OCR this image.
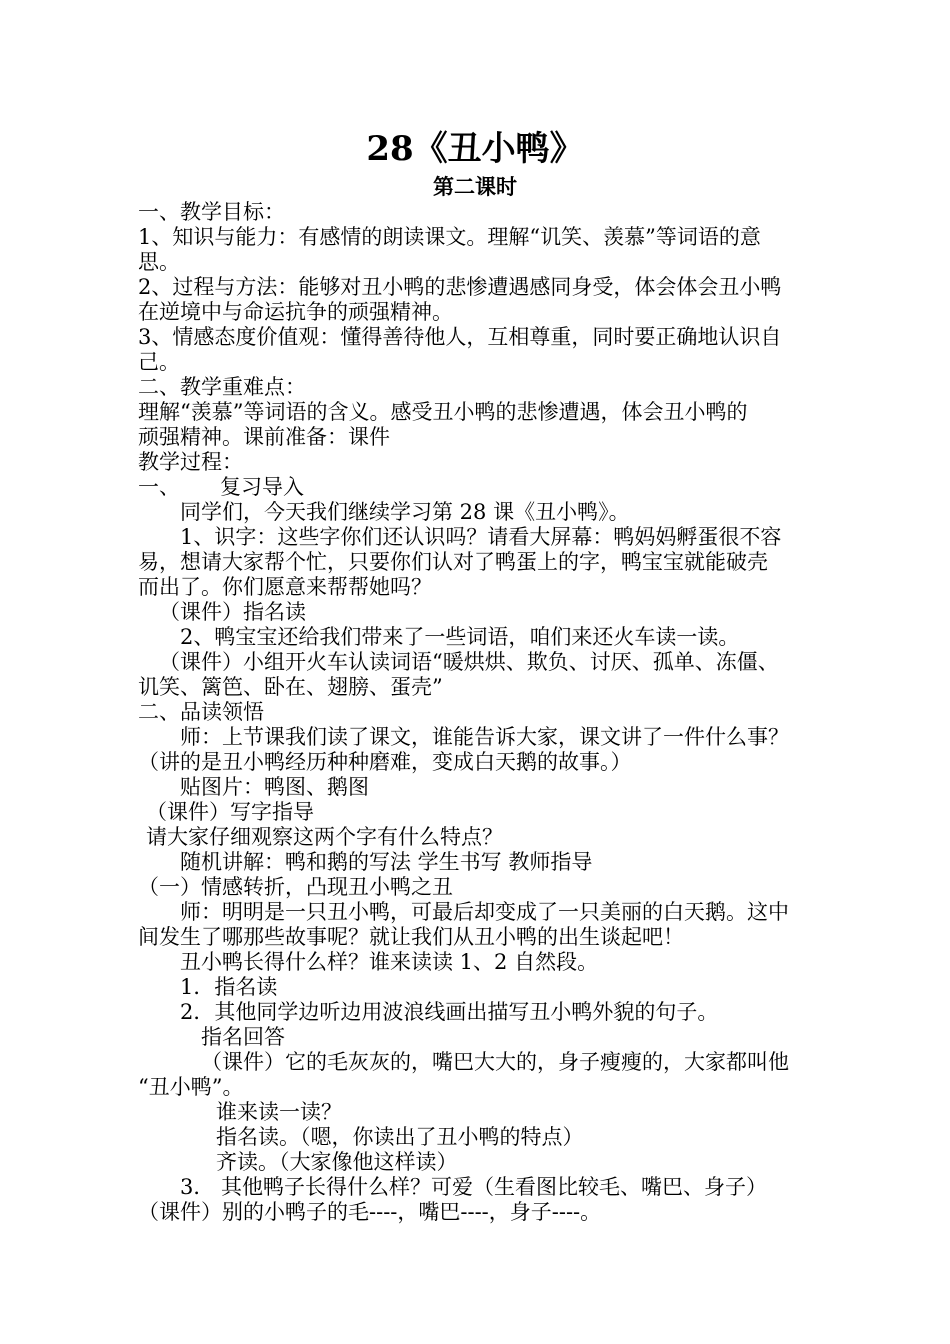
28《丑小鸭》
第二课时
一、教学目标：
1、知识与能力：有感情的朗读课文。理解“讥笑、羡慕”等词语的意
思。
2、过程与方法：能够对丑小鸭的悲惨遭遇感同身受，体会体会丑小鸭
在逆境中与命运抗争的顽强精神。
3、情感态度价值观：懂得善待他人，互相尊重，同时要正确地认识自
己。
二、教学重难点：
理解“羡慕”等词语的含义。感受丑小鸭的悲惨遭遇，体会丑小鸭的
顽强精神。课前准备：课件
教学过程：
一、 复习导入
同学们，今天我们继续学习第 28 课《丑小鸭》。
1、识字：这些字你们还认识吗？请看大屏幕：鸭妈妈孵蛋很不容
易，想请大家帮个忙，只要你们认对了鸭蛋上的字，鸭宝宝就能破壳
而出了。你们愿意来帮帮她吗？
（课件）指名读
2、鸭宝宝还给我们带来了一些词语，咱们来还火车读一读。
（课件）小组开火车认读词语“暖烘烘、欺负、讨厌、孤单、冻僵、
讥笑、篱笆、卧在、翅膀、蛋壳”
二、品读领悟
师：上节课我们读了课文，谁能告诉大家，课文讲了一件什么事？
（讲的是丑小鸭经历种种磨难，变成白天鹅的故事。）
贴图片：鸭图、鹅图
（课件）写字指导
请大家仔细观察这两个字有什么特点？
随机讲解：鸭和鹅的写法 学生书写 教师指导
（一）情感转折，凸现丑小鸭之丑
师：明明是一只丑小鸭，可最后却变成了一只美丽的白天鹅。这中
间发生了哪那些故事呢？就让我们从丑小鸭的出生谈起吧！
丑小鸭长得什么样？谁来读读 1、2 自然段。
1．指名读
2．其他同学边听边用波浪线画出描写丑小鸭外貌的句子。
指名回答
（课件）它的毛灰灰的，嘴巴大大的，身子瘦瘦的，大家都叫他
“丑小鸭”。
谁来读一读？
指名读。（嗯，你读出了丑小鸭的特点）
齐读。（大家像他这样读）
3． 其他鸭子长得什么样？可爱（生看图比较毛、嘴巴、身子）
（课件）别的小鸭子的毛----，嘴巴----，身子----。
